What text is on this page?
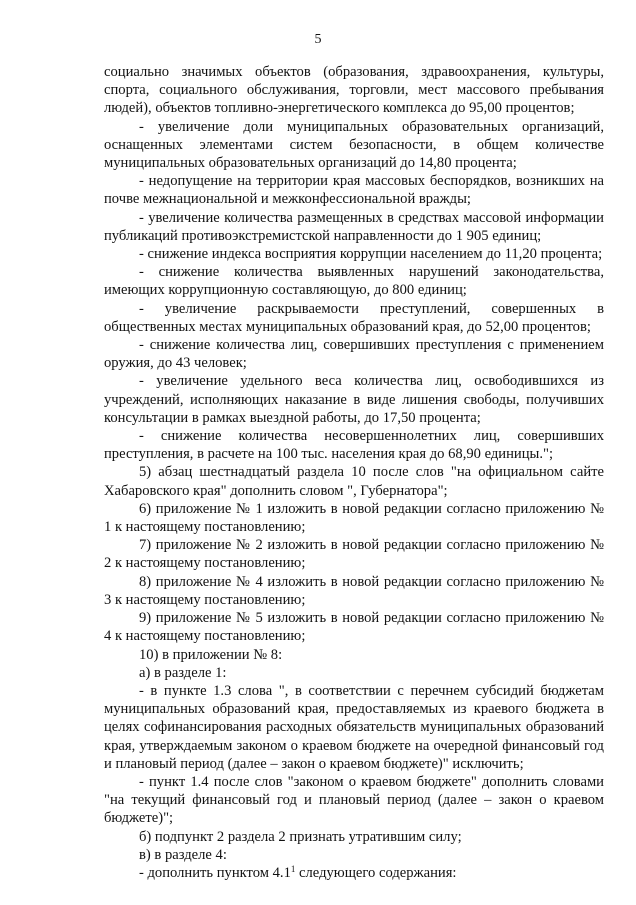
5

социально значимых объектов (образования, здравоохранения, культуры, спорта, социального обслуживания, торговли, мест массового пребывания людей), объектов топливно-энергетического комплекса до 95,00 процентов;

- увеличение доли муниципальных образовательных организаций, оснащенных элементами систем безопасности, в общем количестве муниципальных образовательных организаций до 14,80 процента;

- недопущение на территории края массовых беспорядков, возникших на почве межнациональной и межконфессиональной вражды;

- увеличение количества размещенных в средствах массовой информации публикаций противоэкстремистской направленности до 1 905 единиц;

- снижение индекса восприятия коррупции населением до 11,20 процента;

- снижение количества выявленных нарушений законодательства, имеющих коррупционную составляющую, до 800 единиц;

- увеличение раскрываемости преступлений, совершенных в общественных местах муниципальных образований края, до 52,00 процентов;

- снижение количества лиц, совершивших преступления с применением оружия, до 43 человек;

- увеличение удельного веса количества лиц, освободившихся из учреждений, исполняющих наказание в виде лишения свободы, получивших консультации в рамках выездной работы, до 17,50 процента;

- снижение количества несовершеннолетних лиц, совершивших преступления, в расчете на 100 тыс. населения края до 68,90 единицы.";

5) абзац шестнадцатый раздела 10 после слов "на официальном сайте Хабаровского края" дополнить словом ", Губернатора";

6) приложение № 1 изложить в новой редакции согласно приложению № 1 к настоящему постановлению;

7) приложение № 2 изложить в новой редакции согласно приложению № 2 к настоящему постановлению;

8) приложение № 4 изложить в новой редакции согласно приложению № 3 к настоящему постановлению;

9) приложение № 5 изложить в новой редакции согласно приложению № 4 к настоящему постановлению;

10) в приложении № 8:

а) в разделе 1:

- в пункте 1.3 слова ", в соответствии с перечнем субсидий бюджетам муниципальных образований края, предоставляемых из краевого бюджета в целях софинансирования расходных обязательств муниципальных образований края, утверждаемым законом о краевом бюджете на очередной финансовый год и плановый период (далее – закон о краевом бюджете)" исключить;

- пункт 1.4 после слов "законом о краевом бюджете" дополнить словами "на текущий финансовый год и плановый период (далее – закон о краевом бюджете)";

б) подпункт 2 раздела 2 признать утратившим силу;

в) в разделе 4:

- дополнить пунктом $4.1^1$ следующего содержания:
